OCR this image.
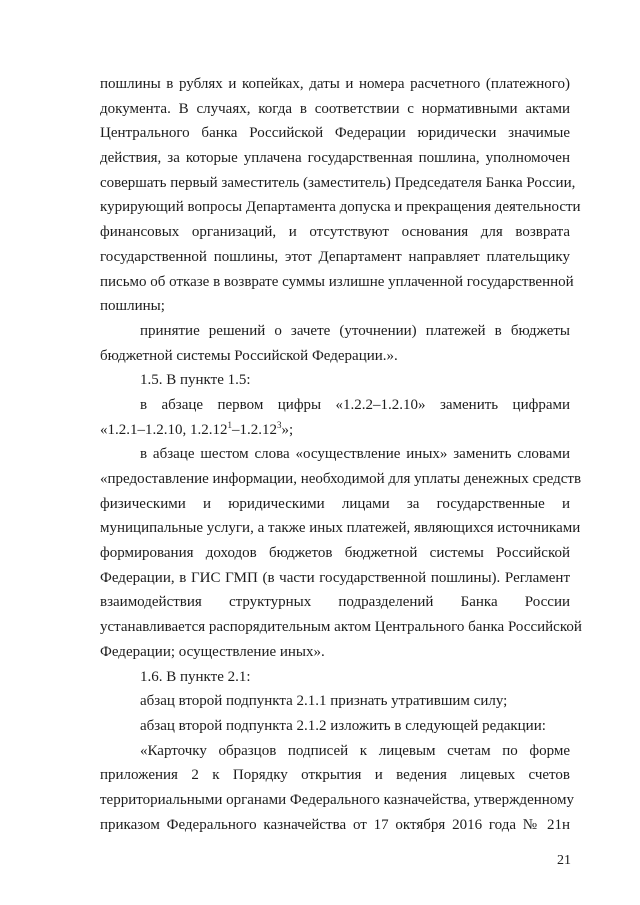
пошлины в рублях и копейках, даты и номера расчетного (платежного)
документа. В случаях, когда в соответствии с нормативными актами
Центрального банка Российской Федерации юридически значимые
действия, за которые уплачена государственная пошлина, уполномочен
совершать первый заместитель (заместитель) Председателя Банка России,
курирующий вопросы Департамента допуска и прекращения деятельности
финансовых организаций, и отсутствуют основания для возврата
государственной пошлины, этот Департамент направляет плательщику
письмо об отказе в возврате суммы излишне уплаченной государственной
пошлины;
принятие решений о зачете (уточнении) платежей в бюджеты
бюджетной системы Российской Федерации.».
1.5. В пункте 1.5:
в абзаце первом цифры «1.2.2–1.2.10» заменить цифрами
«1.2.1–1.2.10, 1.2.12$^1$–1.2.12$^3$»;
в абзаце шестом слова «осуществление иных» заменить словами
«предоставление информации, необходимой для уплаты денежных средств
физическими и юридическими лицами за государственные и
муниципальные услуги, а также иных платежей, являющихся источниками
формирования доходов бюджетов бюджетной системы Российской
Федерации, в ГИС ГМП (в части государственной пошлины). Регламент
взаимодействия структурных подразделений Банка России
устанавливается распорядительным актом Центрального банка Российской
Федерации; осуществление иных».
1.6. В пункте 2.1:
абзац второй подпункта 2.1.1 признать утратившим силу;
абзац второй подпункта 2.1.2 изложить в следующей редакции:
«Карточку образцов подписей к лицевым счетам по форме
приложения 2 к Порядку открытия и ведения лицевых счетов
территориальными органами Федерального казначейства, утвержденному
приказом Федерального казначейства от 17 октября 2016 года № 21н
21
